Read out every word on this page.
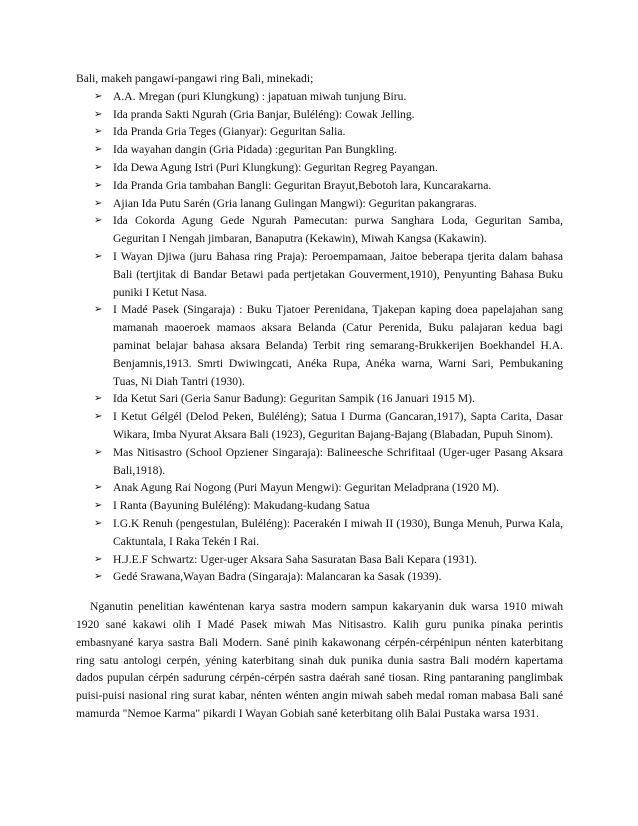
Bali, makeh pangawi-pangawi ring Bali, minekadi;

➢ A.A. Mregan (puri Klungkung) : japatuan miwah tunjung Biru.
➢ Ida pranda Sakti Ngurah (Gria Banjar, Buléléng): Cowak Jelling.
➢ Ida Pranda Gria Teges (Gianyar): Geguritan Salia.
➢ Ida wayahan dangin (Gria Pidada) :geguritan Pan Bungkling.
➢ Ida Dewa Agung Istri (Puri Klungkung): Geguritan Regreg Payangan.
➢ Ida Pranda Gria tambahan Bangli: Geguritan Brayut,Bebotoh lara, Kuncarakarna.
➢ Ajian Ida Putu Sarén (Gria lanang Gulingan Mangwi): Geguritan pakangraras.
➢ Ida Cokorda Agung Gede Ngurah Pamecutan: purwa Sanghara Loda, Geguritan Samba, Geguritan I Nengah jimbaran, Banaputra (Kekawin), Miwah Kangsa (Kakawin).
➢ I Wayan Djiwa (juru Bahasa ring Praja): Peroempamaan, Jaitoe beberapa tjerita dalam bahasa Bali (tertjitak di Bandar Betawi pada pertjetakan Gouverment,1910), Penyunting Bahasa Buku puniki I Ketut Nasa.
➢ I Madé Pasek (Singaraja) : Buku Tjatoer Perenidana, Tjakepan kaping doea papelajahan sang mamanah maoeroek mamaos aksara Belanda (Catur Perenida, Buku palajaran kedua bagi paminat belajar bahasa aksara Belanda) Terbit ring semarang-Brukkerijen Boekhandel H.A. Benjamnis,1913. Smrti Dwiwingcati, Anéka Rupa, Anéka warna, Warni Sari, Pembukaning Tuas, Ni Diah Tantri (1930).
➢ Ida Ketut Sari (Geria Sanur Badung): Geguritan Sampik (16 Januari 1915 M).
➢ I Ketut Gélgél (Delod Peken, Buléléng); Satua I Durma (Gancaran,1917), Sapta Carita, Dasar Wikara, Imba Nyurat Aksara Bali (1923), Geguritan Bajang-Bajang (Blabadan, Pupuh Sinom).
➢ Mas Nitisastro (School Opziener Singaraja): Balineesche Schrifitaal (Uger-uger Pasang Aksara Bali,1918).
➢ Anak Agung Rai Nogong (Puri Mayun Mengwi): Geguritan Meladprana (1920 M).
➢ I Ranta (Bayuning Buléléng): Makudang-kudang Satua
➢ I.G.K Renuh (pengestulan, Buléléng): Pacerakén I miwah II (1930), Bunga Menuh, Purwa Kala, Caktuntala, I Raka Tekén I Rai.
➢ H.J.E.F Schwartz: Uger-uger Aksara Saha Sasuratan Basa Bali Kepara (1931).
➢ Gedé Srawana,Wayan Badra (Singaraja): Malancaran ka Sasak (1939).

Nganutin penelitian kawéntenan karya sastra modern sampun kakaryanin duk warsa 1910 miwah 1920 sané kakawi olih I Madé Pasek miwah Mas Nitisastro. Kalih guru punika pinaka perintis embasnyané karya sastra Bali Modern. Sané pinih kakawonang cérpén-cérpénipun nénten katerbitang ring satu antologi cerpén, yéning katerbitang sinah duk punika dunia sastra Bali modérn kapertama dados pupulan cérpén sadurung cérpén-cérpén sastra daérah sané tiosan. Ring pantaraning panglimbak puisi-puisi nasional ring surat kabar, nénten wénten angin miwah sabeh medal roman mabasa Bali sané mamurda "Nemoe Karma" pikardi I Wayan Gobiah sané keterbitang olih Balai Pustaka warsa 1931.
